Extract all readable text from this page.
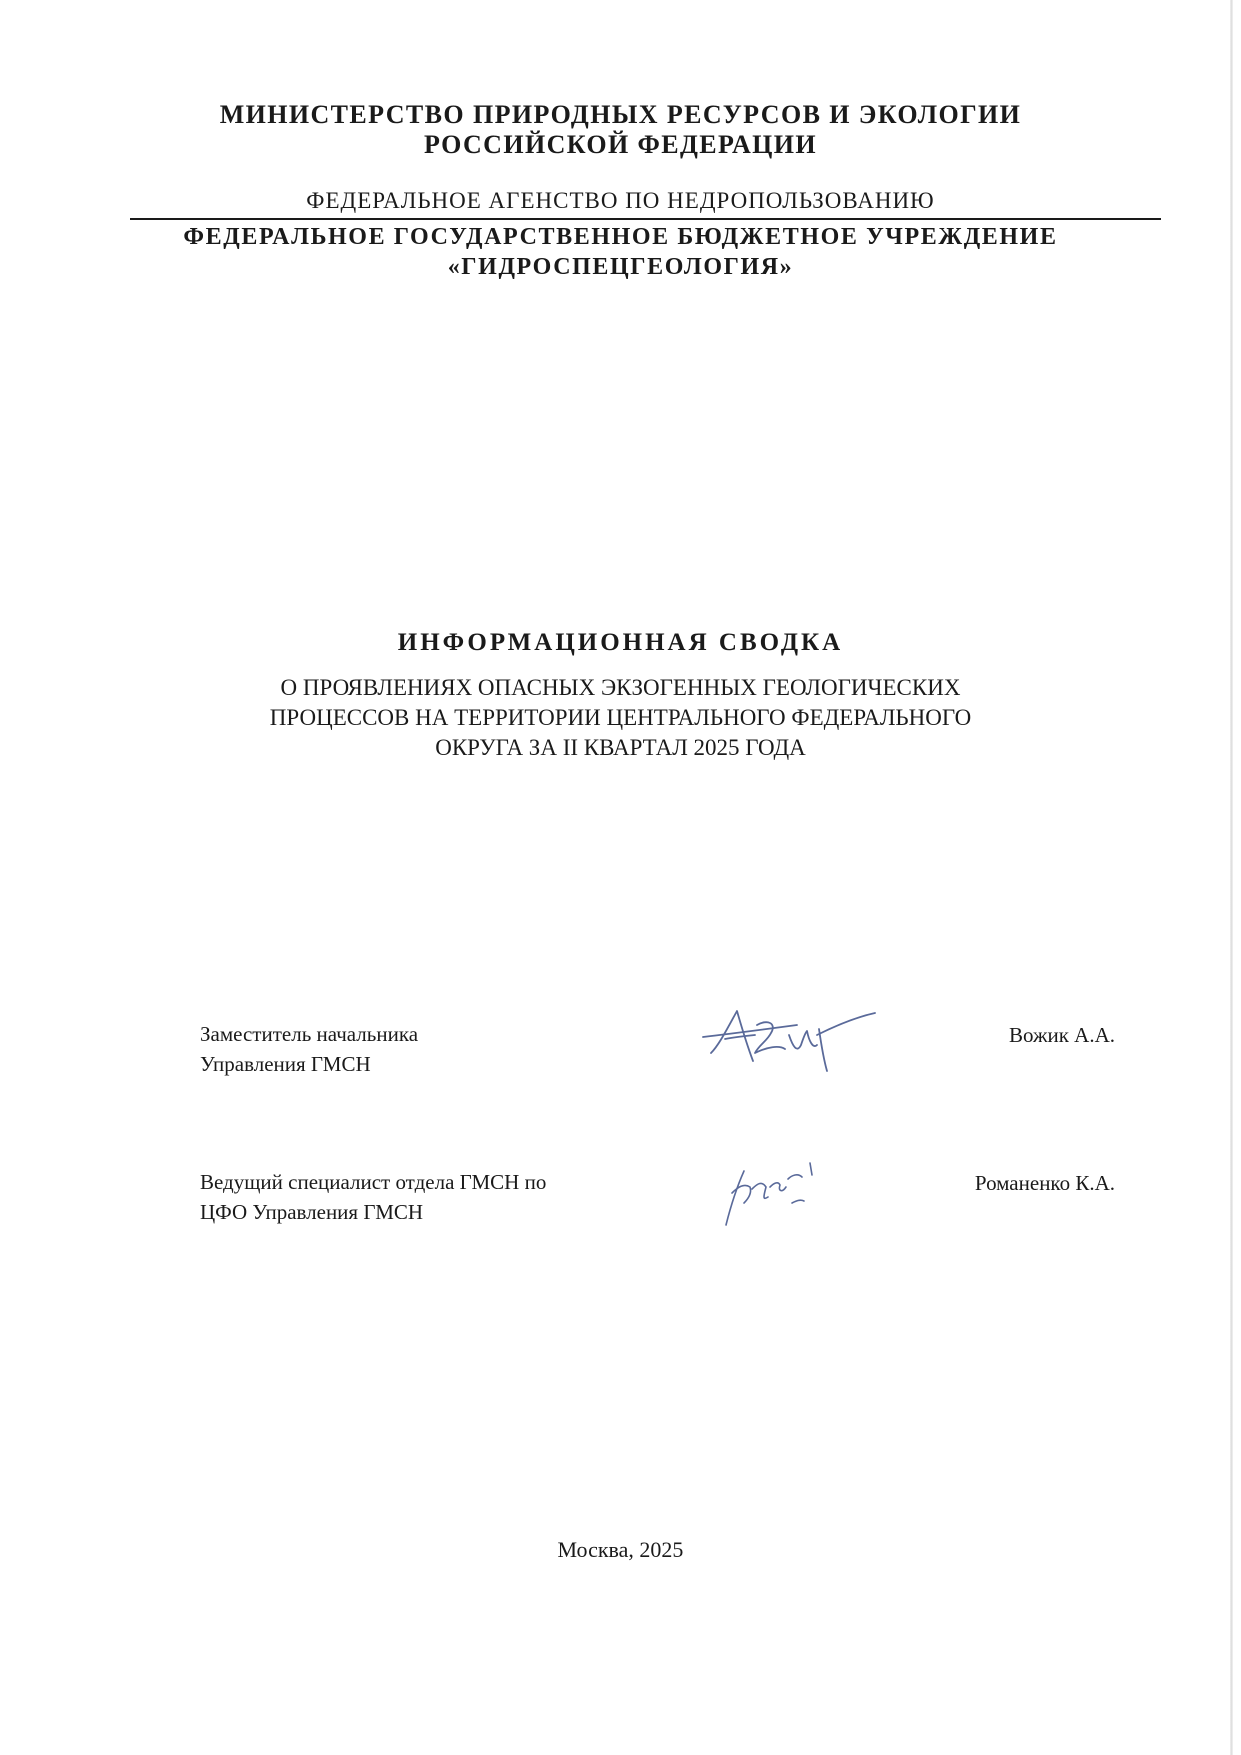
МИНИСТЕРСТВО ПРИРОДНЫХ РЕСУРСОВ И ЭКОЛОГИИ
РОССИЙСКОЙ ФЕДЕРАЦИИ
ФЕДЕРАЛЬНОЕ АГЕНСТВО ПО НЕДРОПОЛЬЗОВАНИЮ
ФЕДЕРАЛЬНОЕ ГОСУДАРСТВЕННОЕ БЮДЖЕТНОЕ УЧРЕЖДЕНИЕ
«ГИДРОСПЕЦГЕОЛОГИЯ»
ИНФОРМАЦИОННАЯ СВОДКА
О ПРОЯВЛЕНИЯХ ОПАСНЫХ ЭКЗОГЕННЫХ ГЕОЛОГИЧЕСКИХ
ПРОЦЕССОВ НА ТЕРРИТОРИИ ЦЕНТРАЛЬНОГО ФЕДЕРАЛЬНОГО
ОКРУГА ЗА II КВАРТАЛ 2025 ГОДА
Заместитель начальника
Управления ГМСН
Вожик А.А.
Ведущий специалист отдела ГМСН по
ЦФО Управления ГМСН
Романенко К.А.
Москва, 2025
